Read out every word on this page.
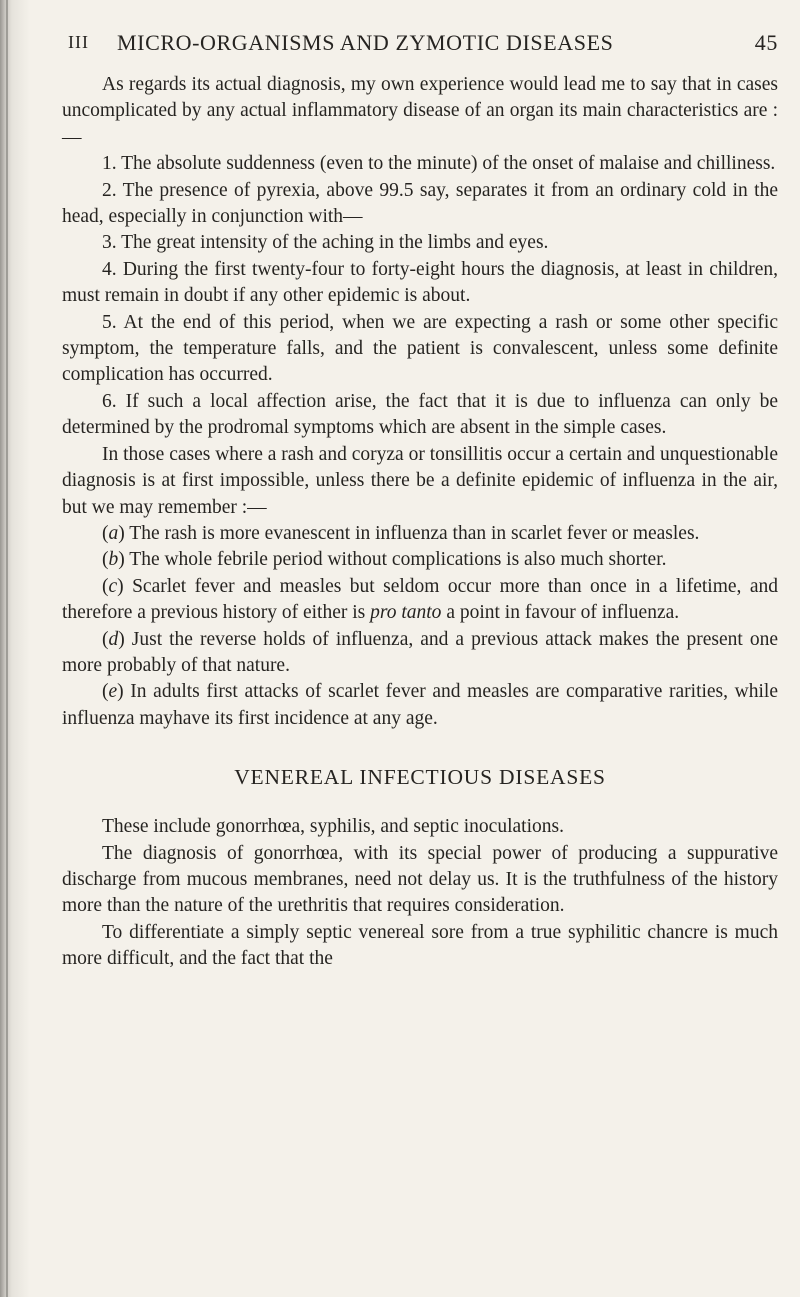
III MICRO-ORGANISMS AND ZYMOTIC DISEASES	45

As regards its actual diagnosis, my own experience would lead me to say that in cases uncomplicated by any actual inflammatory disease of an organ its main characteristics are :—

1. The absolute suddenness (even to the minute) of the onset of malaise and chilliness.

2. The presence of pyrexia, above 99.5 say, separates it from an ordinary cold in the head, especially in conjunction with—

3. The great intensity of the aching in the limbs and eyes.

4. During the first twenty-four to forty-eight hours the diagnosis, at least in children, must remain in doubt if any other epidemic is about.

5. At the end of this period, when we are expecting a rash or some other specific symptom, the temperature falls, and the patient is convalescent, unless some definite complication has occurred.

6. If such a local affection arise, the fact that it is due to influenza can only be determined by the prodromal symptoms which are absent in the simple cases.

In those cases where a rash and coryza or tonsillitis occur a certain and unquestionable diagnosis is at first impossible, unless there be a definite epidemic of influenza in the air, but we may remember :—

(a) The rash is more evanescent in influenza than in scarlet fever or measles.

(b) The whole febrile period without complications is also much shorter.

(c) Scarlet fever and measles but seldom occur more than once in a lifetime, and therefore a previous history of either is pro tanto a point in favour of influenza.

(d) Just the reverse holds of influenza, and a previous attack makes the present one more probably of that nature.

(e) In adults first attacks of scarlet fever and measles are comparative rarities, while influenza mayhave its first incidence at any age.

VENEREAL INFECTIOUS DISEASES

These include gonorrhœa, syphilis, and septic inoculations.

The diagnosis of gonorrhœa, with its special power of producing a suppurative discharge from mucous membranes, need not delay us. It is the truthfulness of the history more than the nature of the urethritis that requires consideration.

To differentiate a simply septic venereal sore from a true syphilitic chancre is much more difficult, and the fact that the
